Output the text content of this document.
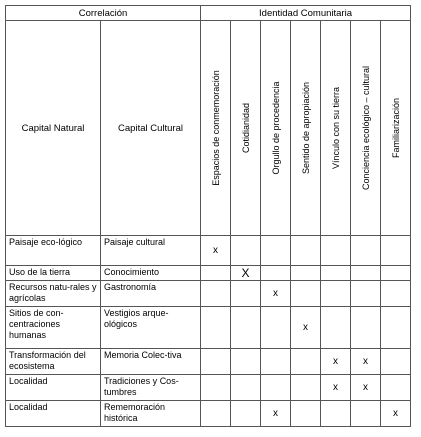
Correlación		Identidad Comunitaria						
Capital Natural	Capital Cultural	Espacios de conmemoración	Cotidianidad	Orgullo de procedencia	Sentido de apropiación	Vínculo con su tierra	Conciencia ecológico – cultural	Familiarización

Paisaje eco-lógico	Paisaje cultural	x						
Uso de la tierra	Conocimiento		X					
Recursos natu-rales y agrícolas	Gastronomía			x				
Sitios de con-centraciones humanas	Vestigios arque-ológicos				x			
Transformación del ecosistema	Memoria Colec-tiva					x	x	
Localidad	Tradiciones y Cos-tumbres					x	x	
Localidad	Rememoración histórica			x				x
